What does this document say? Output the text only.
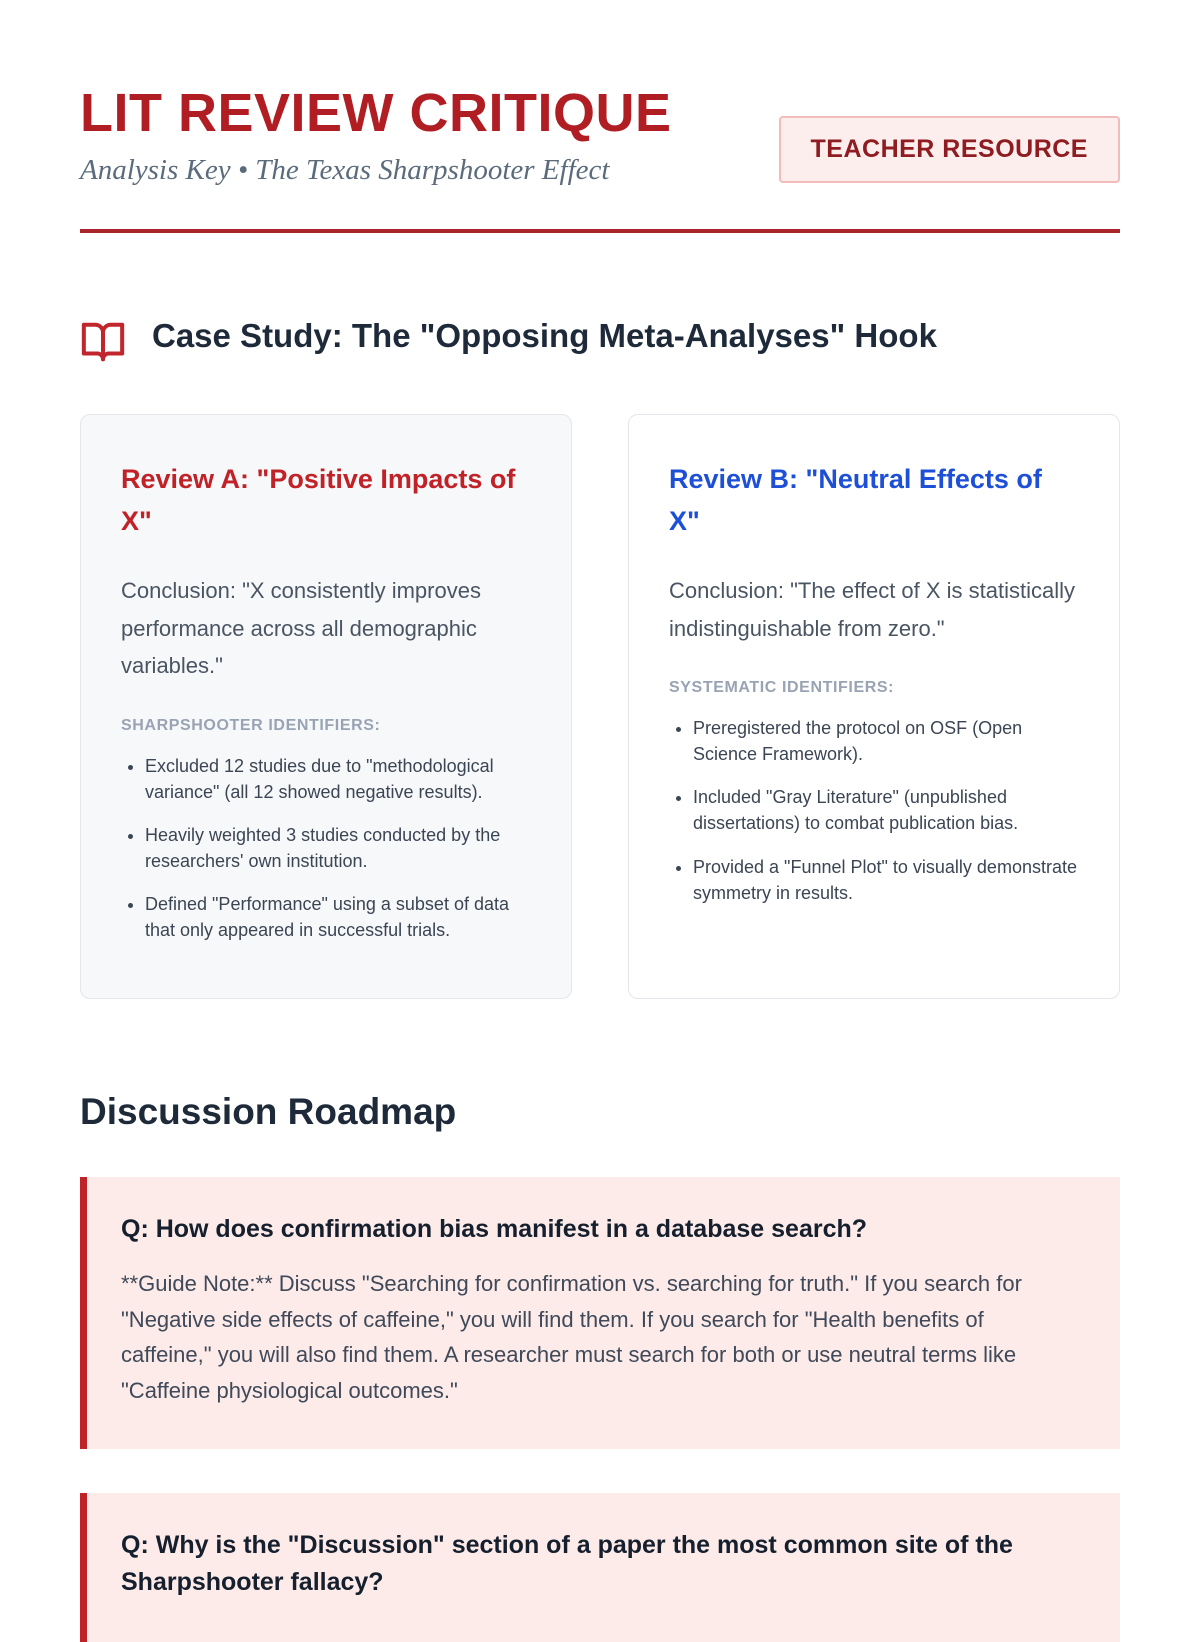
LIT REVIEW CRITIQUE
Analysis Key • The Texas Sharpshooter Effect
TEACHER RESOURCE
Case Study: The "Opposing Meta-Analyses" Hook
Review A: "Positive Impacts of X"

Conclusion: "X consistently improves performance across all demographic variables."

SHARPSHOOTER IDENTIFIERS:
• Excluded 12 studies due to "methodological variance" (all 12 showed negative results).
• Heavily weighted 3 studies conducted by the researchers' own institution.
• Defined "Performance" using a subset of data that only appeared in successful trials.
Review B: "Neutral Effects of X"

Conclusion: "The effect of X is statistically indistinguishable from zero."

SYSTEMATIC IDENTIFIERS:
• Preregistered the protocol on OSF (Open Science Framework).
• Included "Gray Literature" (unpublished dissertations) to combat publication bias.
• Provided a "Funnel Plot" to visually demonstrate symmetry in results.
Discussion Roadmap
Q: How does confirmation bias manifest in a database search?

**Guide Note:** Discuss "Searching for confirmation vs. searching for truth." If you search for "Negative side effects of caffeine," you will find them. If you search for "Health benefits of caffeine," you will also find them. A researcher must search for both or use neutral terms like "Caffeine physiological outcomes."

Q: Why is the "Discussion" section of a paper the most common site of the Sharpshooter fallacy?
